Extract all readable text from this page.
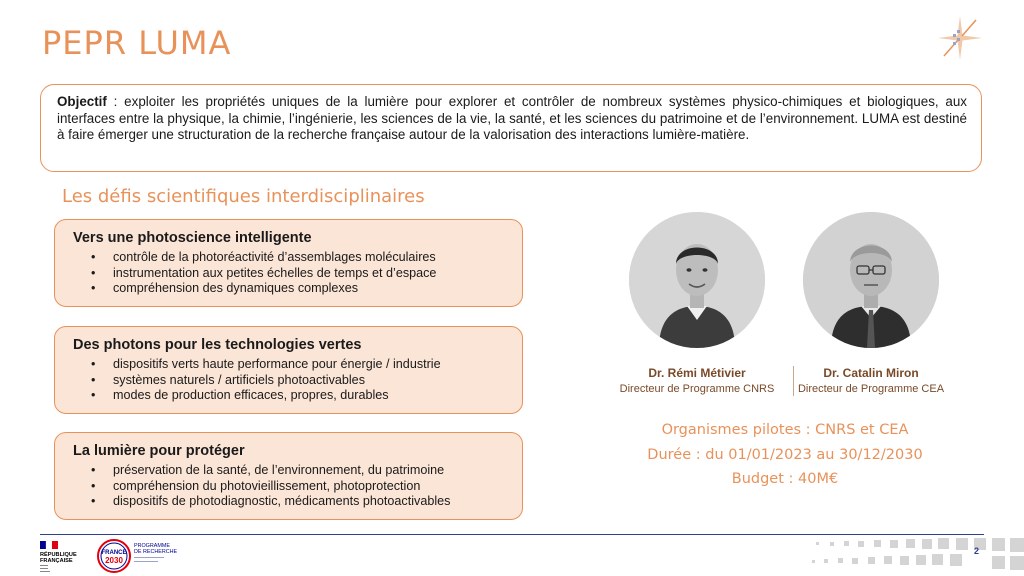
PEPR LUMA
Objectif : exploiter les propriétés uniques de la lumière pour explorer et contrôler de nombreux systèmes physico-chimiques et biologiques, aux interfaces entre la physique, la chimie, l’ingénierie, les sciences de la vie, la santé, et les sciences du patrimoine et de l’environnement. LUMA est destiné à faire émerger une structuration de la recherche française autour de la valorisation des interactions lumière-matière.
Les défis scientifiques interdisciplinaires
Vers une photoscience intelligente
• contrôle de la photoréactivité d’assemblages moléculaires
• instrumentation aux petites échelles de temps et d’espace
• compréhension des dynamiques complexes
Des photons pour les technologies vertes
• dispositifs verts haute performance pour énergie / industrie
• systèmes naturels / artificiels photoactivables
• modes de production efficaces, propres, durables
La lumière pour protéger
• préservation de la santé, de l’environnement, du patrimoine
• compréhension du photovieillissement, photoprotection
• dispositifs de photodiagnostic, médicaments photoactivables
Dr. Rémi Métivier
Directeur de Programme CNRS
Dr. Catalin Miron
Directeur de Programme CEA
Organismes pilotes : CNRS et CEA
Durée : du 01/01/2023 au 30/12/2030
Budget : 40M€
RÉPUBLIQUE
FRANÇAISE
FRANCE
2030
PROGRAMME
DE RECHERCHE	2
